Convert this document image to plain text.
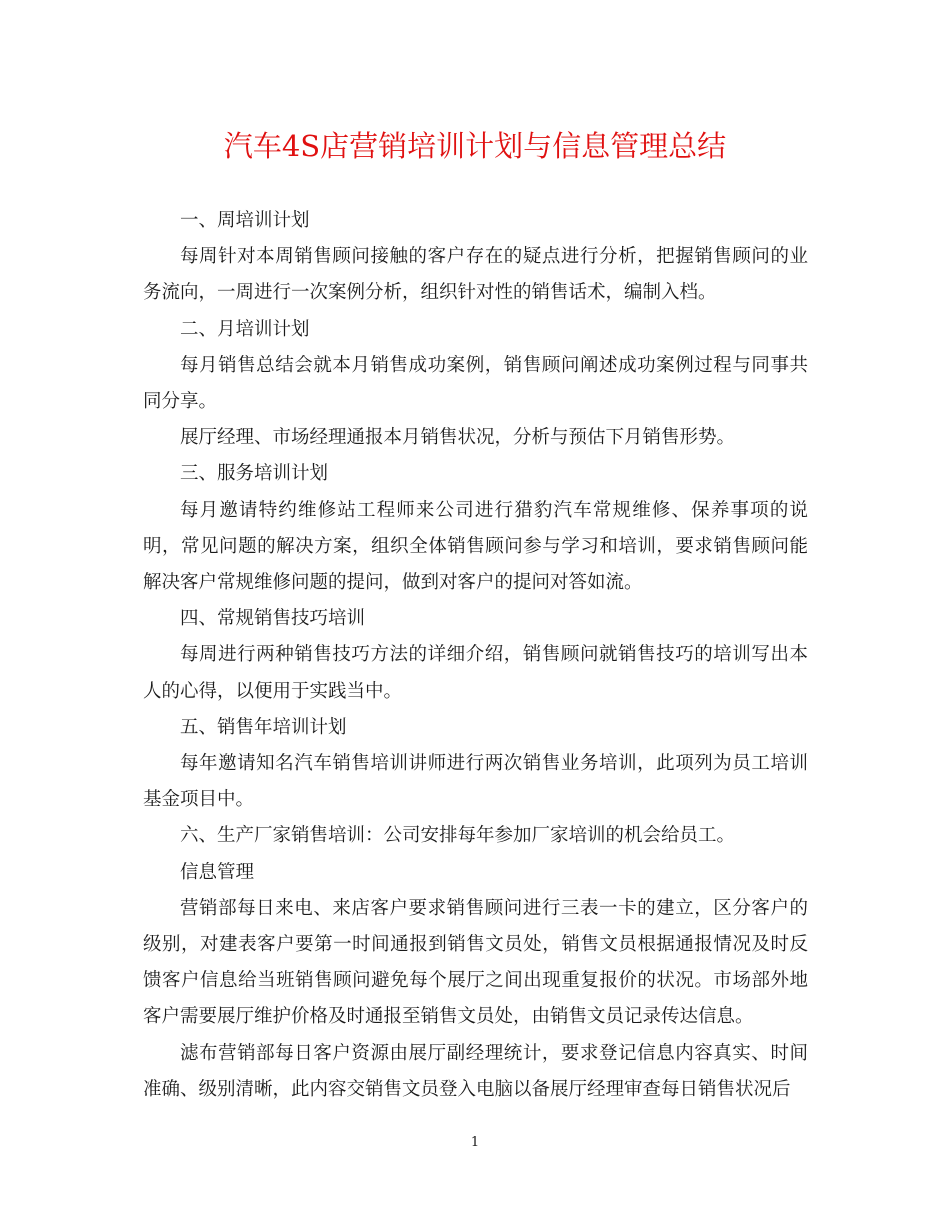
汽车4S店营销培训计划与信息管理总结

一、周培训计划

每周针对本周销售顾问接触的客户存在的疑点进行分析，把握销售顾问的业务流向，一周进行一次案例分析，组织针对性的销售话术，编制入档。

二、月培训计划

每月销售总结会就本月销售成功案例，销售顾问阐述成功案例过程与同事共同分享。

展厅经理、市场经理通报本月销售状况，分析与预估下月销售形势。

三、服务培训计划

每月邀请特约维修站工程师来公司进行猎豹汽车常规维修、保养事项的说明，常见问题的解决方案，组织全体销售顾问参与学习和培训，要求销售顾问能解决客户常规维修问题的提问，做到对客户的提问对答如流。

四、常规销售技巧培训

每周进行两种销售技巧方法的详细介绍，销售顾问就销售技巧的培训写出本人的心得，以便用于实践当中。

五、销售年培训计划

每年邀请知名汽车销售培训讲师进行两次销售业务培训，此项列为员工培训基金项目中。

六、生产厂家销售培训：公司安排每年参加厂家培训的机会给员工。

信息管理

营销部每日来电、来店客户要求销售顾问进行三表一卡的建立，区分客户的级别，对建表客户要第一时间通报到销售文员处，销售文员根据通报情况及时反馈客户信息给当班销售顾问避免每个展厅之间出现重复报价的状况。市场部外地客户需要展厅维护价格及时通报至销售文员处，由销售文员记录传达信息。

滤布营销部每日客户资源由展厅副经理统计，要求登记信息内容真实、时间准确、级别清晰，此内容交销售文员登入电脑以备展厅经理审查每日销售状况后

1
